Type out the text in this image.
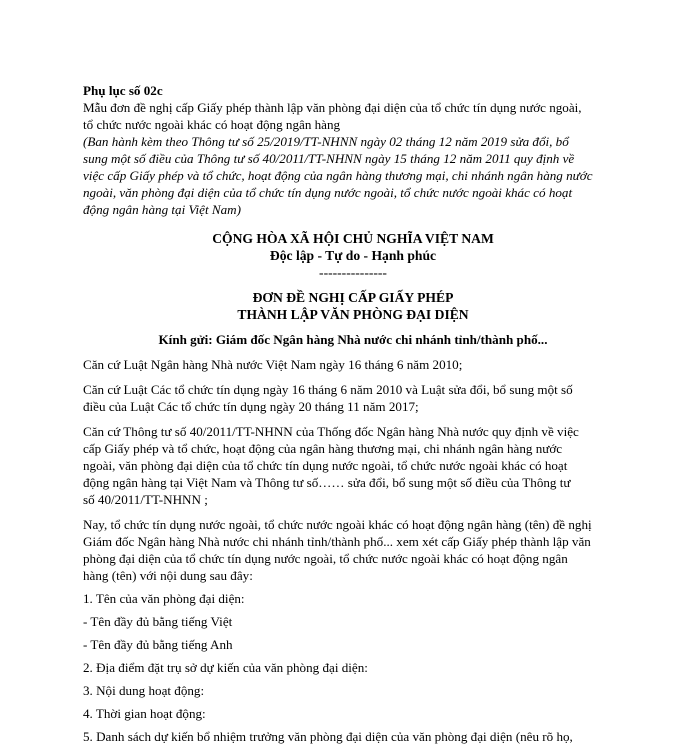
Phụ lục số 02c

Mẫu đơn đề nghị cấp Giấy phép thành lập văn phòng đại diện của tổ chức tín dụng nước ngoài,

tổ chức nước ngoài khác có hoạt động ngân hàng

(Ban hành kèm theo Thông tư số 25/2019/TT-NHNN ngày 02 tháng 12 năm 2019 sửa đổi, bổ

sung một số điều của Thông tư số 40/2011/TT-NHNN ngày 15 tháng 12 năm 2011 quy định về

việc cấp Giấy phép và tổ chức, hoạt động của ngân hàng thương mại, chi nhánh ngân hàng nước

ngoài, văn phòng đại diện của tổ chức tín dụng nước ngoài, tổ chức nước ngoài khác có hoạt

động ngân hàng tại Việt Nam)

CỘNG HÒA XÃ HỘI CHỦ NGHĨA VIỆT NAM

Độc lập - Tự do - Hạnh phúc

---------------

ĐƠN ĐỀ NGHỊ CẤP GIẤY PHÉP

THÀNH LẬP VĂN PHÒNG ĐẠI DIỆN

Kính gửi: Giám đốc Ngân hàng Nhà nước chi nhánh tỉnh/thành phố...

Căn cứ Luật Ngân hàng Nhà nước Việt Nam ngày 16 tháng 6 năm 2010;

Căn cứ Luật Các tổ chức tín dụng ngày 16 tháng 6 năm 2010 và Luật sửa đổi, bổ sung một số

điều của Luật Các tổ chức tín dụng ngày 20 tháng 11 năm 2017;

Căn cứ Thông tư số 40/2011/TT-NHNN của Thống đốc Ngân hàng Nhà nước quy định về việc

cấp Giấy phép và tổ chức, hoạt động của ngân hàng thương mại, chi nhánh ngân hàng nước

ngoài, văn phòng đại diện của tổ chức tín dụng nước ngoài, tổ chức nước ngoài khác có hoạt

động ngân hàng tại Việt Nam và Thông tư số…… sửa đổi, bổ sung một số điều của Thông tư

số 40/2011/TT-NHNN ;

Nay, tổ chức tín dụng nước ngoài, tổ chức nước ngoài khác có hoạt động ngân hàng (tên) đề nghị

Giám đốc Ngân hàng Nhà nước chi nhánh tỉnh/thành phố... xem xét cấp Giấy phép thành lập văn

phòng đại diện của tổ chức tín dụng nước ngoài, tổ chức nước ngoài khác có hoạt động ngân

hàng (tên) với nội dung sau đây:

1. Tên của văn phòng đại diện:

- Tên đầy đủ bằng tiếng Việt

- Tên đầy đủ bằng tiếng Anh

2. Địa điểm đặt trụ sở dự kiến của văn phòng đại diện:

3. Nội dung hoạt động:

4. Thời gian hoạt động:

5. Danh sách dự kiến bổ nhiệm trưởng văn phòng đại diện của văn phòng đại diện (nêu rõ họ,
